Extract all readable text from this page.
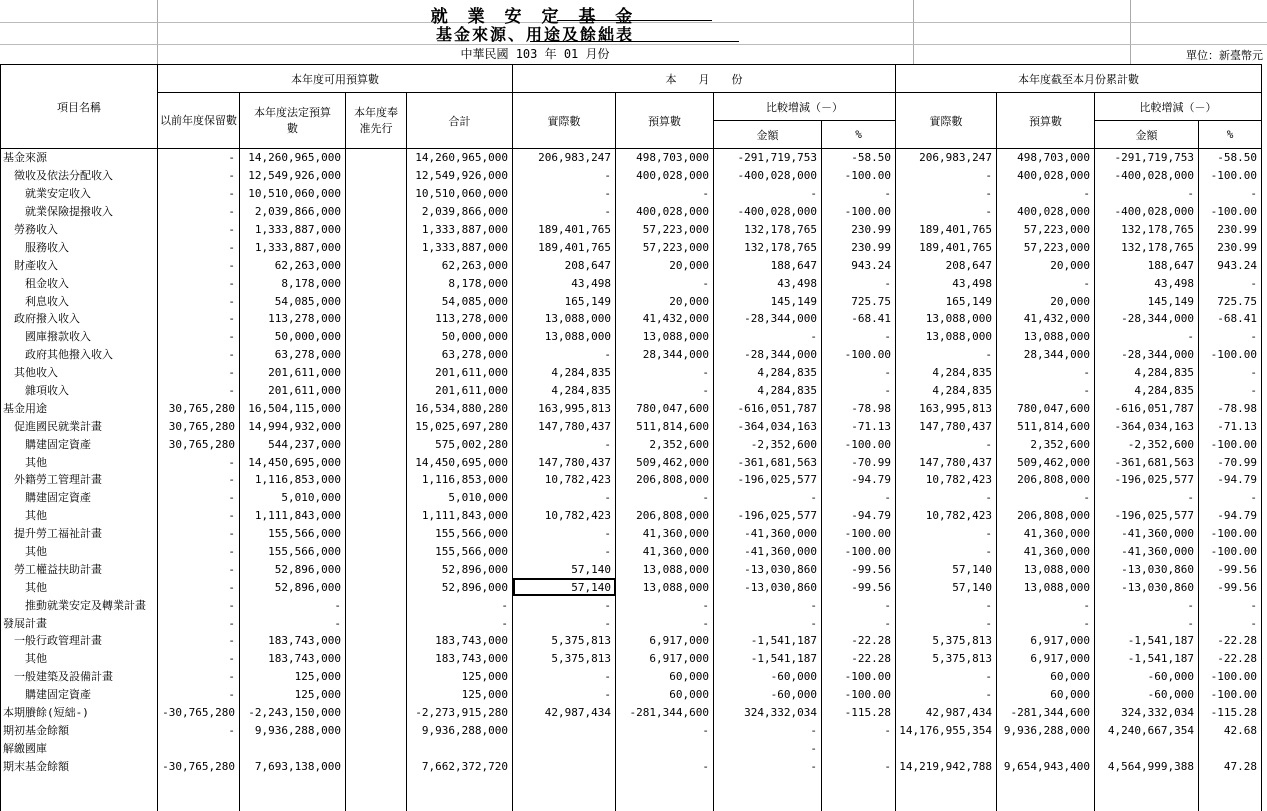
就 業 安 定 基 金
基金來源、用途及餘絀表
中華民國 103 年 01 月份	單位：新臺幣元
項目名稱	本年度可用預算數				本　　月　　份				本年度截至本月份累計數			
	以前年度保留數	本年度法定預算數	本年度奉准先行	合計	實際數	預算數	比較增減（－）		實際數	預算數	比較增減（－）	
							金額	%			金額	%
基金來源	-	14,260,965,000		14,260,965,000	206,983,247	498,703,000	-291,719,753	-58.50	206,983,247	498,703,000	-291,719,753	-58.50
　徵收及依法分配收入	-	12,549,926,000		12,549,926,000	-	400,028,000	-400,028,000	-100.00	-	400,028,000	-400,028,000	-100.00
　　就業安定收入	-	10,510,060,000		10,510,060,000	-	-	-	-	-	-	-	-
　　就業保險提撥收入	-	2,039,866,000		2,039,866,000	-	400,028,000	-400,028,000	-100.00	-	400,028,000	-400,028,000	-100.00
　勞務收入	-	1,333,887,000		1,333,887,000	189,401,765	57,223,000	132,178,765	230.99	189,401,765	57,223,000	132,178,765	230.99
　　服務收入	-	1,333,887,000		1,333,887,000	189,401,765	57,223,000	132,178,765	230.99	189,401,765	57,223,000	132,178,765	230.99
　財產收入	-	62,263,000		62,263,000	208,647	20,000	188,647	943.24	208,647	20,000	188,647	943.24
　　租金收入	-	8,178,000		8,178,000	43,498	-	43,498	-	43,498	-	43,498	-
　　利息收入	-	54,085,000		54,085,000	165,149	20,000	145,149	725.75	165,149	20,000	145,149	725.75
　政府撥入收入	-	113,278,000		113,278,000	13,088,000	41,432,000	-28,344,000	-68.41	13,088,000	41,432,000	-28,344,000	-68.41
　　國庫撥款收入	-	50,000,000		50,000,000	13,088,000	13,088,000	-	-	13,088,000	13,088,000	-	-
　　政府其他撥入收入	-	63,278,000		63,278,000	-	28,344,000	-28,344,000	-100.00	-	28,344,000	-28,344,000	-100.00
　其他收入	-	201,611,000		201,611,000	4,284,835	-	4,284,835	-	4,284,835	-	4,284,835	-
　　雜項收入	-	201,611,000		201,611,000	4,284,835	-	4,284,835	-	4,284,835	-	4,284,835	-
基金用途	30,765,280	16,504,115,000		16,534,880,280	163,995,813	780,047,600	-616,051,787	-78.98	163,995,813	780,047,600	-616,051,787	-78.98
　促進國民就業計畫	30,765,280	14,994,932,000		15,025,697,280	147,780,437	511,814,600	-364,034,163	-71.13	147,780,437	511,814,600	-364,034,163	-71.13
　　購建固定資產	30,765,280	544,237,000		575,002,280	-	2,352,600	-2,352,600	-100.00	-	2,352,600	-2,352,600	-100.00
　　其他	-	14,450,695,000		14,450,695,000	147,780,437	509,462,000	-361,681,563	-70.99	147,780,437	509,462,000	-361,681,563	-70.99
　外籍勞工管理計畫	-	1,116,853,000		1,116,853,000	10,782,423	206,808,000	-196,025,577	-94.79	10,782,423	206,808,000	-196,025,577	-94.79
　　購建固定資產	-	5,010,000		5,010,000	-	-	-	-	-	-	-	-
　　其他	-	1,111,843,000		1,111,843,000	10,782,423	206,808,000	-196,025,577	-94.79	10,782,423	206,808,000	-196,025,577	-94.79
　提升勞工福祉計畫	-	155,566,000		155,566,000	-	41,360,000	-41,360,000	-100.00	-	41,360,000	-41,360,000	-100.00
　　其他	-	155,566,000		155,566,000	-	41,360,000	-41,360,000	-100.00	-	41,360,000	-41,360,000	-100.00
　勞工權益扶助計畫	-	52,896,000		52,896,000	57,140	13,088,000	-13,030,860	-99.56	57,140	13,088,000	-13,030,860	-99.56
　　其他	-	52,896,000		52,896,000	57,140	13,088,000	-13,030,860	-99.56	57,140	13,088,000	-13,030,860	-99.56
　　推動就業安定及轉業計畫	-	-		-	-	-	-	-	-	-	-	-
發展計畫	-	-		-	-	-	-	-	-	-	-	-
　一般行政管理計畫	-	183,743,000		183,743,000	5,375,813	6,917,000	-1,541,187	-22.28	5,375,813	6,917,000	-1,541,187	-22.28
　　其他	-	183,743,000		183,743,000	5,375,813	6,917,000	-1,541,187	-22.28	5,375,813	6,917,000	-1,541,187	-22.28
　一般建築及設備計畫	-	125,000		125,000	-	60,000	-60,000	-100.00	-	60,000	-60,000	-100.00
　　購建固定資產	-	125,000		125,000	-	60,000	-60,000	-100.00	-	60,000	-60,000	-100.00
本期賸餘(短絀-)	-30,765,280	-2,243,150,000		-2,273,915,280	42,987,434	-281,344,600	324,332,034	-115.28	42,987,434	-281,344,600	324,332,034	-115.28
期初基金餘額	-	9,936,288,000		9,936,288,000		-	-	-	14,176,955,354	9,936,288,000	4,240,667,354	42.68
解繳國庫							-					
期末基金餘額	-30,765,280	7,693,138,000		7,662,372,720		-	-	-	14,219,942,788	9,654,943,400	4,564,999,388	47.28
